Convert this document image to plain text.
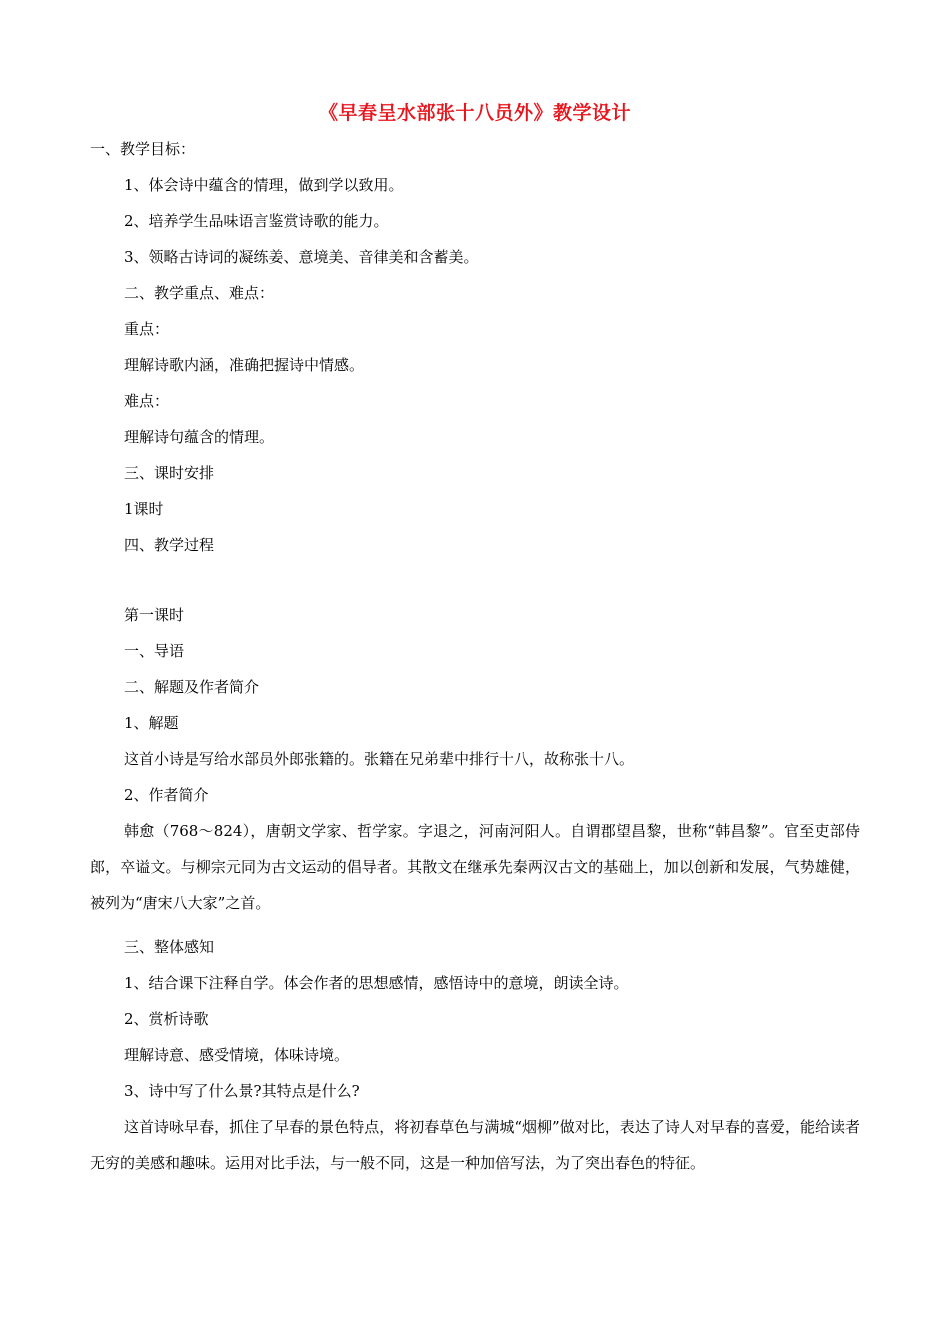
《早春呈水部张十八员外》教学设计
一、教学目标：
1、体会诗中蕴含的情理，做到学以致用。
2、培养学生品味语言鉴赏诗歌的能力。
3、领略古诗词的凝练姜、意境美、音律美和含蓄美。
二、教学重点、难点：
重点：
理解诗歌内涵，准确把握诗中情感。
难点：
理解诗句蕴含的情理。
三、课时安排
1课时
四、教学过程
第一课时
一、导语
二、解题及作者简介
1、解题
这首小诗是写给水部员外郎张籍的。张籍在兄弟辈中排行十八，故称张十八。
2、作者简介
韩愈（768～824），唐朝文学家、哲学家。字退之，河南河阳人。自谓郡望昌黎，世称“韩昌黎”。官至吏部侍郎，卒谥文。与柳宗元同为古文运动的倡导者。其散文在继承先秦两汉古文的基础上，加以创新和发展，气势雄健，被列为“唐宋八大家”之首。
三、整体感知
1、结合课下注释自学。体会作者的思想感情，感悟诗中的意境，朗读全诗。
2、赏析诗歌
理解诗意、感受情境，体味诗境。
3、诗中写了什么景?其特点是什么?
这首诗咏早春，抓住了早春的景色特点，将初春草色与满城“烟柳”做对比，表达了诗人对早春的喜爱，能给读者无穷的美感和趣味。运用对比手法，与一般不同，这是一种加倍写法，为了突出春色的特征。
